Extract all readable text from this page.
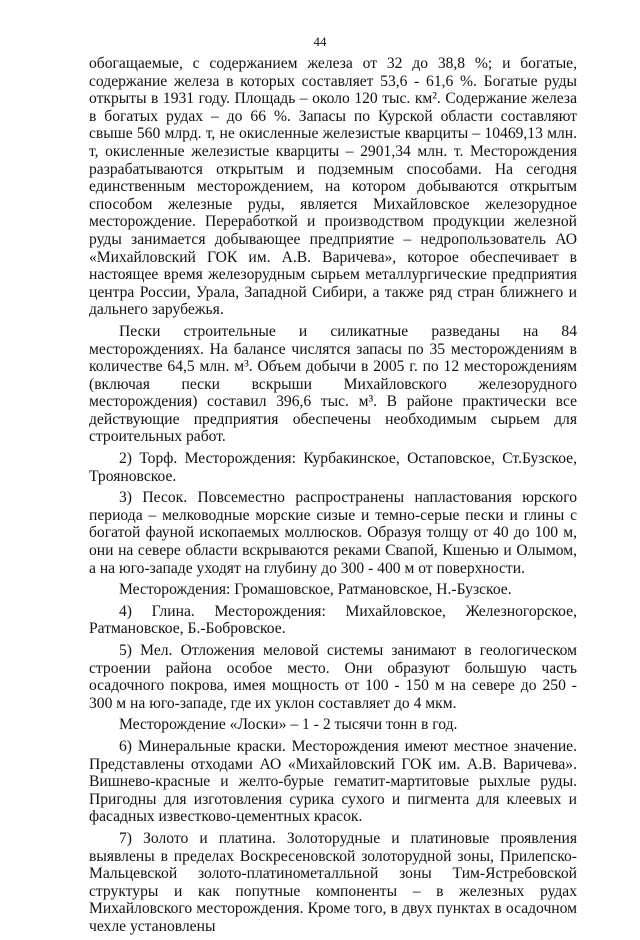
44

обогащаемые, с содержанием железа от 32 до 38,8 %; и богатые, содержание железа в которых составляет 53,6 - 61,6 %. Богатые руды открыты в 1931 году. Площадь – около 120 тыс. км². Содержание железа в богатых рудах – до 66 %. Запасы по Курской области составляют свыше 560 млрд. т, не окисленные железистые кварциты – 10469,13 млн. т, окисленные железистые кварциты – 2901,34 млн. т. Месторождения разрабатываются открытым и подземным способами. На сегодня единственным месторождением, на котором добываются открытым способом железные руды, является Михайловское железорудное месторождение. Переработкой и производством продукции железной руды занимается добывающее предприятие – недропользователь АО «Михайловский ГОК им. А.В. Варичева», которое обеспечивает в настоящее время железорудным сырьем металлургические предприятия центра России, Урала, Западной Сибири, а также ряд стран ближнего и дальнего зарубежья.

Пески строительные и силикатные разведаны на 84 месторождениях. На балансе числятся запасы по 35 месторождениям в количестве 64,5 млн. м³. Объем добычи в 2005 г. по 12 месторождениям (включая пески вскрыши Михайловского железорудного месторождения) составил 396,6 тыс. м³. В районе практически все действующие предприятия обеспечены необходимым сырьем для строительных работ.

2) Торф. Месторождения: Курбакинское, Остаповское, Ст.Бузское, Трояновское.

3) Песок. Повсеместно распространены напластования юрского периода – мелководные морские сизые и темно-серые пески и глины с богатой фауной ископаемых моллюсков. Образуя толщу от 40 до 100 м, они на севере области вскрываются реками Свапой, Кшенью и Олымом, а на юго-западе уходят на глубину до 300 - 400 м от поверхности.

Месторождения: Громашовское, Ратмановское, Н.-Бузское.

4) Глина. Месторождения: Михайловское, Железногорское, Ратмановское, Б.-Бобровское.

5) Мел. Отложения меловой системы занимают в геологическом строении района особое место. Они образуют большую часть осадочного покрова, имея мощность от 100 - 150 м на севере до 250 - 300 м на юго-западе, где их уклон составляет до 4 мкм.

Месторождение «Лоски» – 1 - 2 тысячи тонн в год.

6) Минеральные краски. Месторождения имеют местное значение. Представлены отходами АО «Михайловский ГОК им. А.В. Варичева». Вишнево-красные и желто-бурые гематит-мартитовые рыхлые руды. Пригодны для изготовления сурика сухого и пигмента для клеевых и фасадных известково-цементных красок.

7) Золото и платина. Золоторудные и платиновые проявления выявлены в пределах Воскресеновской золоторудной зоны, Прилепско-Мальцевской золото-платинометалльной зоны Тим-Ястребовской структуры и как попутные компоненты – в железных рудах Михайловского месторождения. Кроме того, в двух пунктах в осадочном чехле установлены
